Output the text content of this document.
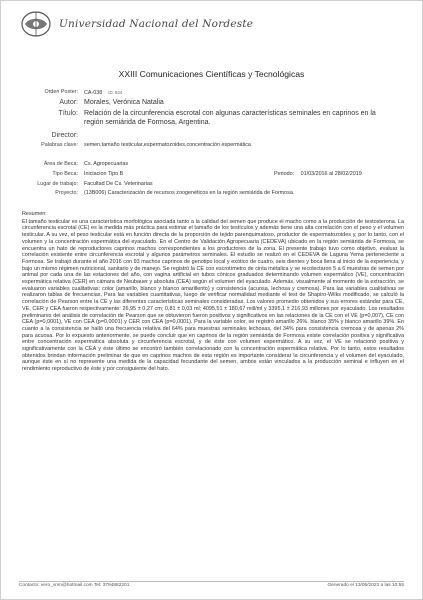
Universidad Nacional del Nordeste
XXIII Comunicaciones Científicas y Tecnológicas
Orden Poster: CA-038 ID: 844
Autor: Morales, Verónica Natalia
Título: Relación de la circunferencia escrotal con algunas características seminales en caprinos en la región semiárida de Formosa, Argentina.
Director:
Palabras clave: semen,tamaño testicular,espermatozoides,concentración espermática
Área de Beca: Cs. Agropecuarias
Tipo Beca: Iniciacion Tipo B	Periodo: 01/03/2016 al 28/02/2019
Lugar de trabajo: Facultad De Cs. Veterinarias
Proyecto: (13B006) Caracterización de recursos zoogenéticos en la región semiárida de Formosa.
Resumen:
El tamaño testicular es una característica morfológica asociada tanto a la calidad del semen que produce el macho como a la producción de testosterona. La circunferencia escrotal (CE) es la medida más práctica para estimar el tamaño de los testículos y además tiene una alta correlación con el peso y el volumen testicular. A su vez, el peso testicular está en función directa de la proporción de tejido parenquimatoso, productor de espermatozoides y, por lo tanto, con el volumen y la concentración espermática del eyaculado. En el Centro de Validación Agropecuaria (CEDEVA) ubicado en la región semiárida de Formosa, se encuentra un hato de reproductores caprinos machos correspondientes a los productores de la zona. El presente trabajo tuvo como objetivo, evaluar la correlación existente entre circunferencia escrotal y algunos parámetros seminales. El estudio se realizó en el CEDEVA de Laguna Yema perteneciente a Formosa. Se trabajó durante el año 2016 con 93 machos caprinos de genotipo local y exótico de cuatro, seis dientes y boca llena al inicio de la experiencia, y bajo un mismo régimen nutricional, sanitario y de manejo. Se registró la CE con escrotímetro de cinta métalica y se recolectaron 5 a 6 muestras de semen por animal por cada una de las estaciones del año, con vagina artificial en tubos cónicos graduados determinando volumen espermático (VE), concentración espermática relativa (CER) en cámara de Neubauer y absoluta (CEA) según el volumen del eyaculado. Además, visualmente al momento de la extracción, se evaluaron variables cualitativas: color (amarillo, blanco y blanco amarillento) y consistencia (acuosa, lechosa y cremosa). Para las variables cualitativas se realizaron tablas de frecuencias. Para las variables cuantitativas, luego de verificar normalidad mediante el test de Shapiro-Wilks modificado, se calculó la correlación de Pearson entre la CE y las diferentes características seminales consideradas. Los valores promedio obtenidos y sus errores estándar para CE, VE, CER y CEA fueron respectivamente: 26,95 ± 0,27 cm; 0,81 ± 0,03 ml; 4095,51 ± 180,67 mill/ml y 3395,1 ± 216,93 millones por eyaculado. Los resultados preliminares del análisis de correlación de Pearson que se obtuvieron fueron positivos y significativos en las relaciones de la CE con el VE (p=0,007), CE con CEA (p=0,0001), VE con CEA (p=0,0001) y CER con CEA (p=0,0001). Para la variable color, se registró amarillo 26%, blanco 35% y blanco amarillo 39%. En cuanto a la consistencia se halló una frecuencia relativa del 64% para muestras seminales lechosas, del 34% para consistencia cremosa y de apenas 2% para acuosa. Por lo expuesto anteriormente, se puede concluir que en caprinos de la región semiárida de Formosa existe correlación positiva y significativa entre concentración espermática absoluta y circunferencia escrotal, y de éste con volumen espermático. A su vez, el VE se relacionó positiva y significativamente con la CEA y éste último se encontró también correlacionado con la concentración espermática relativa. Por lo tanto, estos resultados obtenidos brindan información preliminar de que en caprinos machos de esta región es importante considerar la circunferencia y el volumen del eyaculado, aunque éste en sí no represente una medida de la capacidad fecundante del semen, ambos están vinculados a la producción seminal e influyen en el rendimiento reproductivo de éste y por consiguiente del hato.
Contacto: vero_vnm@hotmail.com Tel: 3794882201	Generado el 13/06/2023 a las 10:55
